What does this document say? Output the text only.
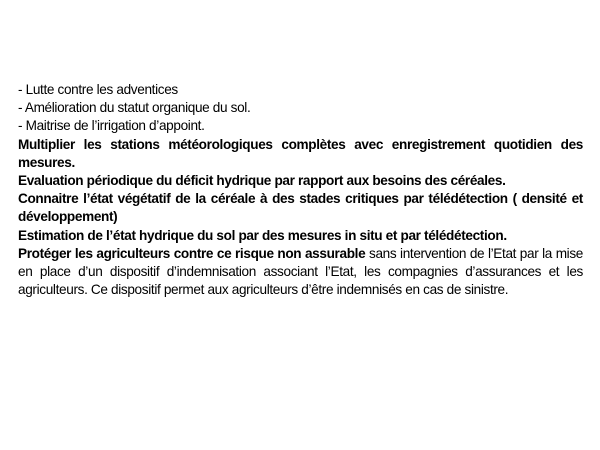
- Lutte contre les adventices

- Amélioration du statut organique du sol.

- Maitrise de l’irrigation d’appoint.

Multiplier les stations météorologiques complètes avec enregistrement quotidien des mesures.

Evaluation périodique du déficit hydrique par rapport aux besoins des céréales.

Connaitre l’état végétatif de la céréale à des stades critiques par télédétection ( densité et développement)

Estimation de l’état hydrique du sol par des mesures in situ et par télédétection.

Protéger les agriculteurs contre ce risque non assurable sans intervention de l’Etat par la mise en place d’un dispositif d’indemnisation associant l’Etat, les compagnies d’assurances et les agriculteurs. Ce dispositif permet aux agriculteurs d’être indemnisés en cas de sinistre.
